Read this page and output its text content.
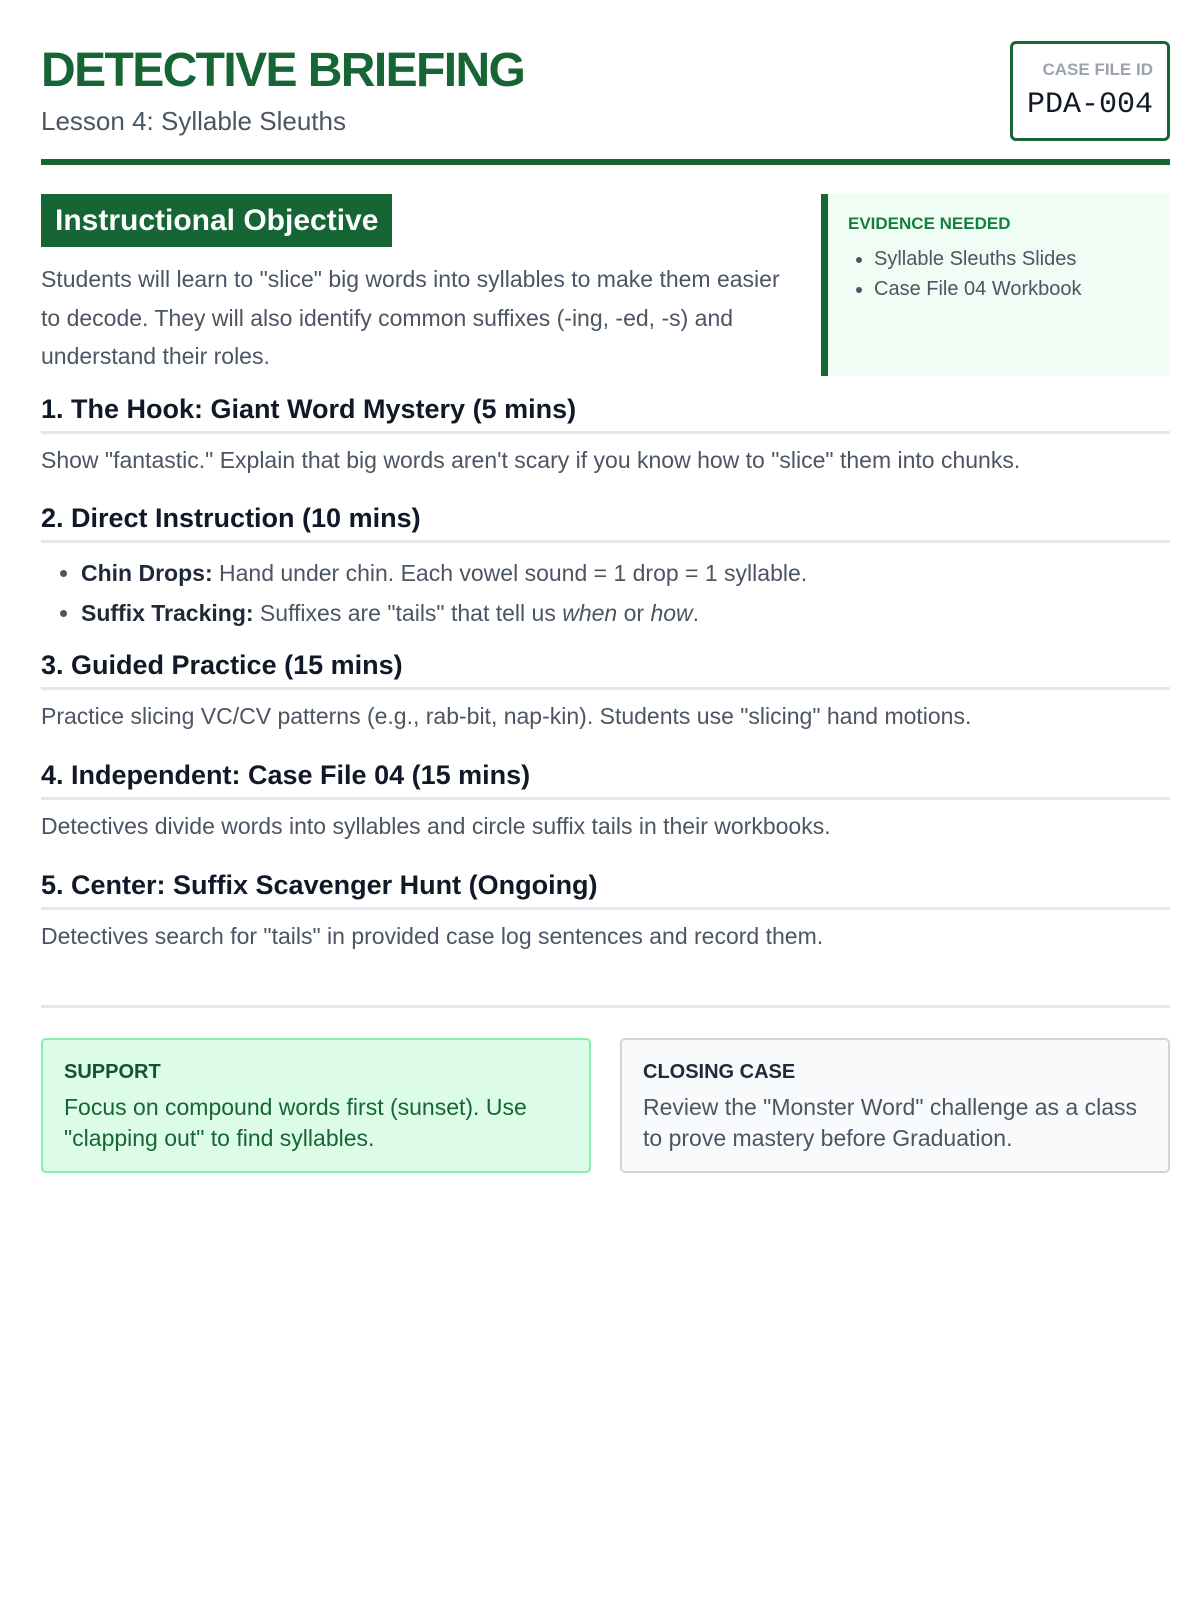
DETECTIVE BRIEFING
Lesson 4: Syllable Sleuths
CASE FILE ID
PDA-004
Instructional Objective

Students will learn to "slice" big words into syllables to make them easier to decode. They will also identify common suffixes (-ing, -ed, -s) and understand their roles.

EVIDENCE NEEDED
• Syllable Sleuths Slides
• Case File 04 Workbook
1. The Hook: Giant Word Mystery (5 mins)

Show "fantastic." Explain that big words aren't scary if you know how to "slice" them into chunks.

2. Direct Instruction (10 mins)
• Chin Drops: Hand under chin. Each vowel sound = 1 drop = 1 syllable.
• Suffix Tracking: Suffixes are "tails" that tell us when or how.
3. Guided Practice (15 mins)

Practice slicing VC/CV patterns (e.g., rab-bit, nap-kin). Students use "slicing" hand motions.

4. Independent: Case File 04 (15 mins)

Detectives divide words into syllables and circle suffix tails in their workbooks.

5. Center: Suffix Scavenger Hunt (Ongoing)

Detectives search for "tails" in provided case log sentences and record them.

SUPPORT

Focus on compound words first (sunset). Use "clapping out" to find syllables.

CLOSING CASE

Review the "Monster Word" challenge as a class to prove mastery before Graduation.
